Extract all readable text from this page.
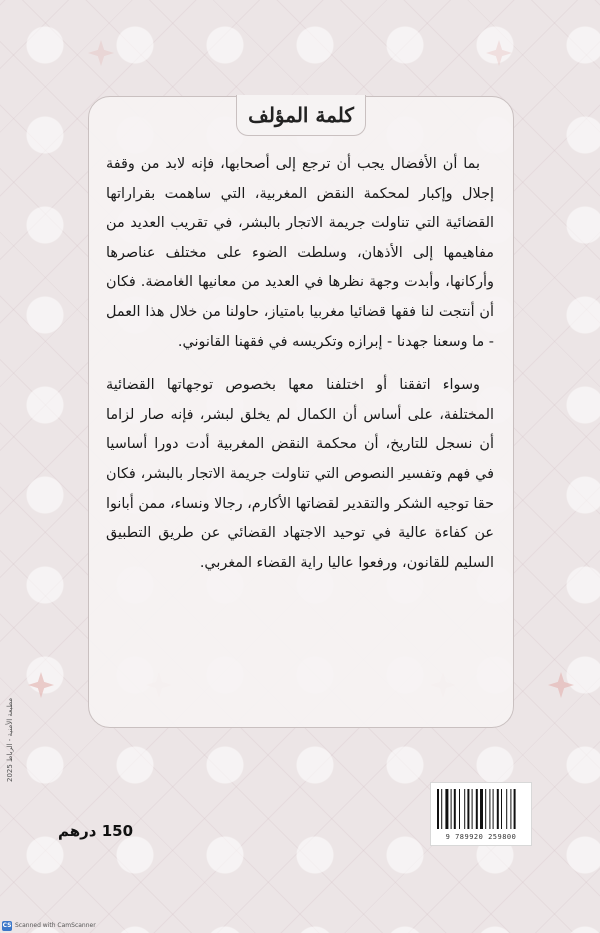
كلمة المؤلف

بما أن الأفضال يجب أن ترجع إلى أصحابها، فإنه لابد من وقفة إجلال وإكبار لمحكمة النقض المغربية، التي ساهمت بقراراتها القضائية التي تناولت جريمة الاتجار بالبشر، في تقريب العديد من مفاهيمها إلى الأذهان، وسلطت الضوء على مختلف عناصرها وأركانها، وأبدت وجهة نظرها في العديد من معانيها الغامضة. فكان أن أنتجت لنا فقها قضائيا مغربيا بامتياز، حاولنا من خلال هذا العمل - ما وسعنا جهدنا - إبرازه وتكريسه في فقهنا القانوني.

وسواء اتفقنا أو اختلفنا معها بخصوص توجهاتها القضائية المختلفة، على أساس أن الكمال لم يخلق لبشر، فإنه صار لزاما أن نسجل للتاريخ، أن محكمة النقض المغربية أدت دورا أساسيا في فهم وتفسير النصوص التي تناولت جريمة الاتجار بالبشر، فكان حقا توجيه الشكر والتقدير لقضاتها الأكارم، رجالا ونساء، ممن أبانوا عن كفاءة عالية في توحيد الاجتهاد القضائي عن طريق التطبيق السليم للقانون، ورفعوا عاليا راية القضاء المغربي.

مطبعة الأمنية - الرباط 2025
150 درهم	9 789920 259800
CS Scanned with CamScanner
